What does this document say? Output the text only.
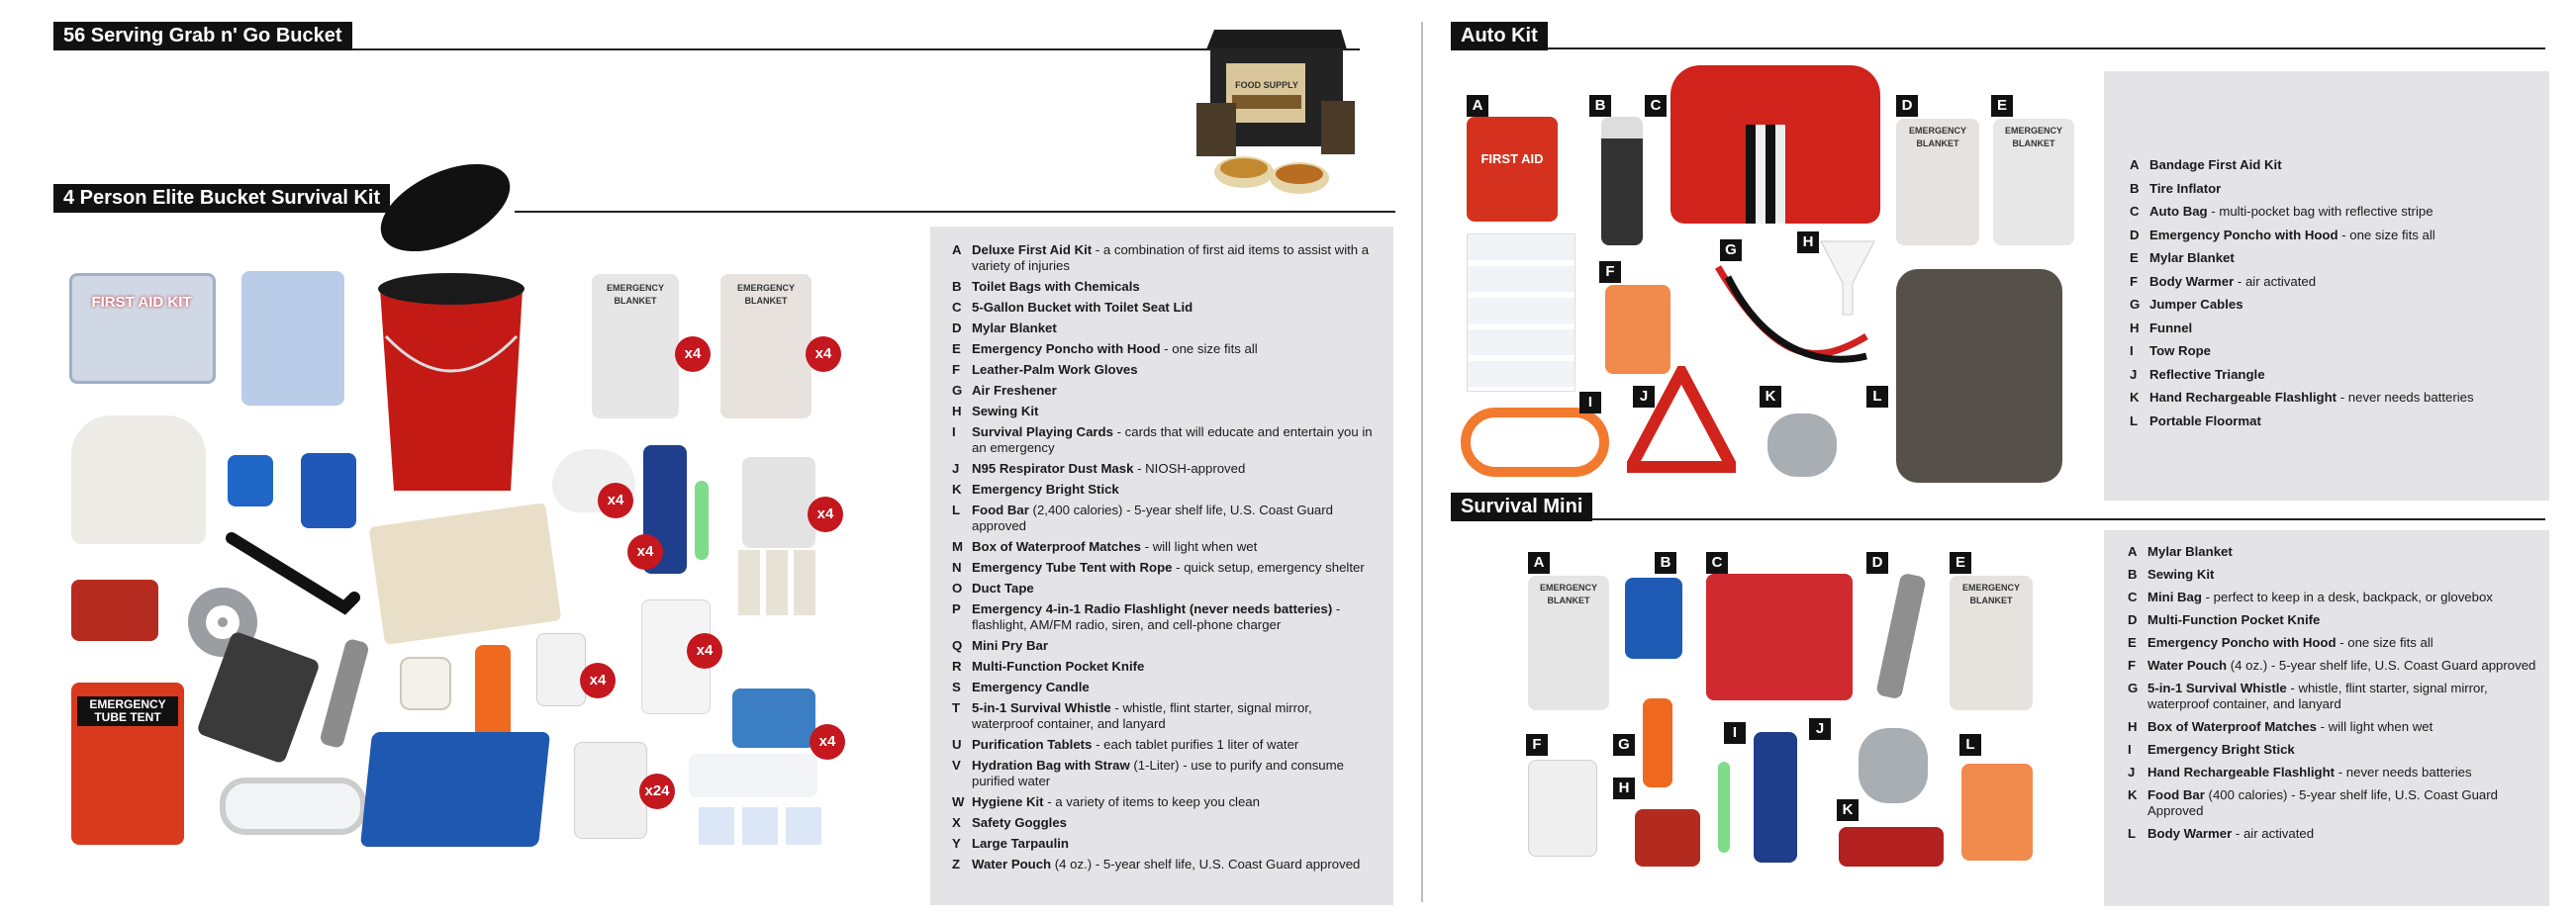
56 Serving Grab n' Go Bucket
FOOD SUPPLY
4 Person Elite Bucket Survival Kit
FIRST AID KIT
EMERGENCY BLANKET
EMERGENCY BLANKET
x4	x4
x4
x4
x4
x4
x4
x4
EMERGENCY TUBE TENT
x24
A Deluxe First Aid Kit - a combination of first aid items to assist with a variety of injuries
B Toilet Bags with Chemicals
C 5-Gallon Bucket with Toilet Seat Lid
D Mylar Blanket
E Emergency Poncho with Hood - one size fits all
F Leather-Palm Work Gloves
G Air Freshener
H Sewing Kit
I	Survival Playing Cards - cards that will educate and entertain you in an emergency
J N95 Respirator Dust Mask - NIOSH-approved
K Emergency Bright Stick
L Food Bar (2,400 calories) - 5-year shelf life, U.S. Coast Guard approved
M Box of Waterproof Matches - will light when wet
N Emergency Tube Tent with Rope - quick setup, emergency shelter
O Duct Tape
P Emergency 4-in-1 Radio Flashlight (never needs batteries) - flashlight, AM/FM radio, siren, and cell-phone charger
Q Mini Pry Bar
R Multi-Function Pocket Knife
S Emergency Candle
T 5-in-1 Survival Whistle - whistle, flint starter, signal mirror, waterproof container, and lanyard
U Purification Tablets - each tablet purifies 1 liter of water
V Hydration Bag with Straw (1-Liter) - use to purify and consume purified water
W Hygiene Kit - a variety of items to keep you clean
X Safety Goggles
Y Large Tarpaulin
Z Water Pouch (4 oz.) - 5-year shelf life, U.S. Coast Guard approved
Auto Kit
A Bandage First Aid Kit
B Tire Inflator
C Auto Bag - multi-pocket bag with reflective stripe
D Emergency Poncho with Hood - one size fits all
E Mylar Blanket
F Body Warmer - air activated
G Jumper Cables
H Funnel
I	Tow Rope
J Reflective Triangle
K Hand Rechargeable Flashlight - never needs batteries
L Portable Floormat
A
FIRST AID
B	C	D
EMERGENCY BLANKET
E
EMERGENCY BLANKET
F
G	H
I	J	K	L
Survival Mini
A Mylar Blanket
B Sewing Kit
C Mini Bag - perfect to keep in a desk, backpack, or glovebox
D Multi-Function Pocket Knife
E Emergency Poncho with Hood - one size fits all
F Water Pouch (4 oz.) - 5-year shelf life, U.S. Coast Guard approved
G 5-in-1 Survival Whistle - whistle, flint starter, signal mirror, waterproof container, and lanyard
H Box of Waterproof Matches - will light when wet
I	Emergency Bright Stick
J Hand Rechargeable Flashlight - never needs batteries
K Food Bar (400 calories) - 5-year shelf life, U.S. Coast Guard Approved
L Body Warmer - air activated
A
EMERGENCY BLANKET
B	C	D	E
EMERGENCY BLANKET
F	G
H
I	J
K
L
